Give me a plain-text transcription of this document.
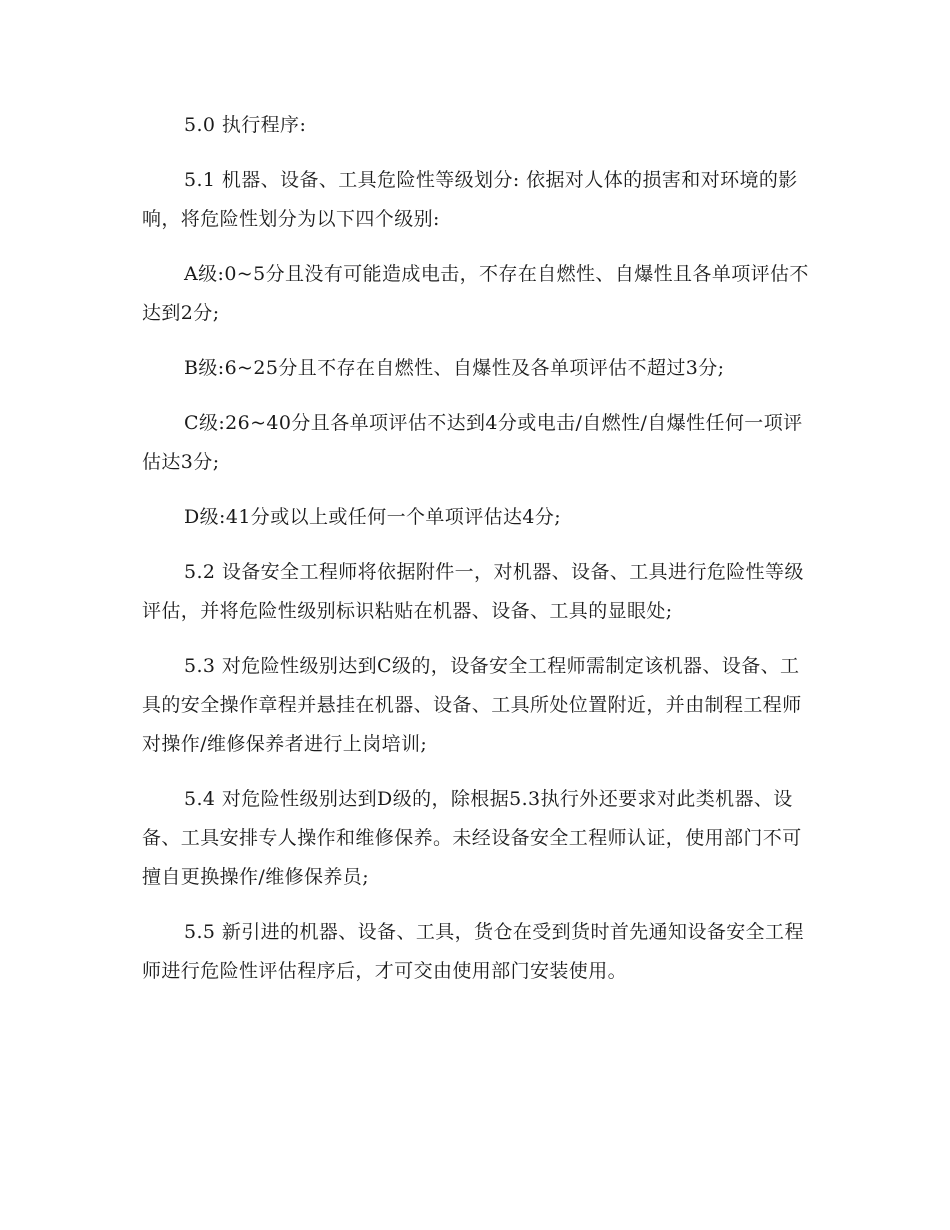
5.0 执行程序:

5.1 机器、设备、工具危险性等级划分: 依据对人体的损害和对环境的影响，将危险性划分为以下四个级别:

A级:0~5分且没有可能造成电击，不存在自燃性、自爆性且各单项评估不达到2分;

B级:6~25分且不存在自燃性、自爆性及各单项评估不超过3分;

C级:26~40分且各单项评估不达到4分或电击/自燃性/自爆性任何一项评估达3分;

D级:41分或以上或任何一个单项评估达4分;

5.2 设备安全工程师将依据附件一，对机器、设备、工具进行危险性等级评估，并将危险性级别标识粘贴在机器、设备、工具的显眼处;

5.3 对危险性级别达到C级的，设备安全工程师需制定该机器、设备、工具的安全操作章程并悬挂在机器、设备、工具所处位置附近，并由制程工程师对操作/维修保养者进行上岗培训;

5.4 对危险性级别达到D级的，除根据5.3执行外还要求对此类机器、设备、工具安排专人操作和维修保养。未经设备安全工程师认证，使用部门不可擅自更换操作/维修保养员;

5.5 新引进的机器、设备、工具，货仓在受到货时首先通知设备安全工程师进行危险性评估程序后，才可交由使用部门安装使用。
